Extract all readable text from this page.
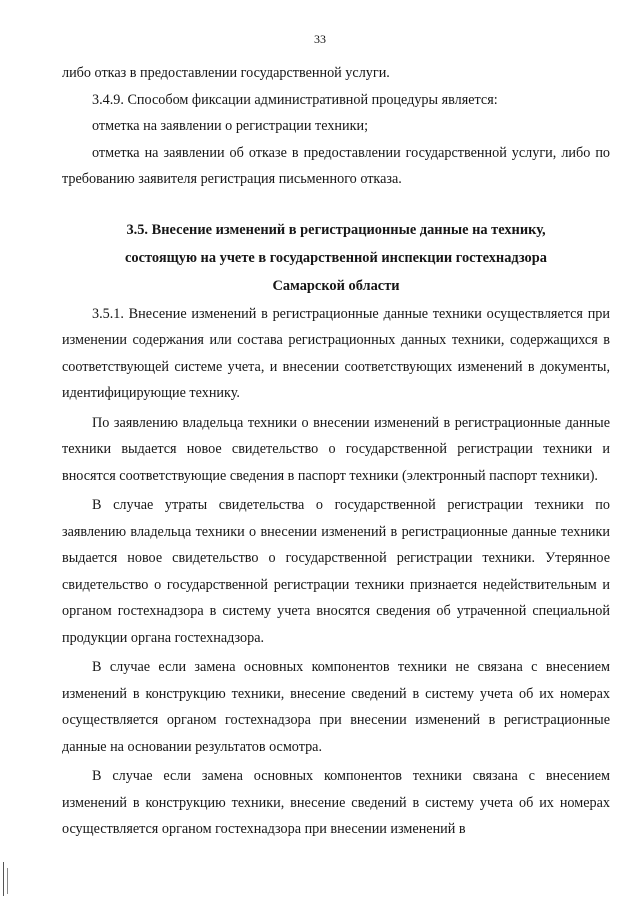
33

либо отказ в предоставлении государственной услуги.

3.4.9. Способом фиксации административной процедуры является:

отметка на заявлении о регистрации техники;

отметка на заявлении об отказе в предоставлении государственной услуги, либо по требованию заявителя регистрация письменного отказа.

3.5. Внесение изменений в регистрационные данные на технику,
состоящую на учете в государственной инспекции гостехнадзора
Самарской области

3.5.1. Внесение изменений в регистрационные данные техники осуществляется при изменении содержания или состава регистрационных данных техники, содержащихся в соответствующей системе учета, и внесении соответствующих изменений в документы, идентифицирующие технику.

По заявлению владельца техники о внесении изменений в регистрационные данные техники выдается новое свидетельство о государственной регистрации техники и вносятся соответствующие сведения в паспорт техники (электронный паспорт техники).

В случае утраты свидетельства о государственной регистрации техники по заявлению владельца техники о внесении изменений в регистрационные данные техники выдается новое свидетельство о государственной регистрации техники. Утерянное свидетельство о государственной регистрации техники признается недействительным и органом гостехнадзора в систему учета вносятся сведения об утраченной специальной продукции органа гостехнадзора.

В случае если замена основных компонентов техники не связана с внесением изменений в конструкцию техники, внесение сведений в систему учета об их номерах осуществляется органом гостехнадзора при внесении изменений в регистрационные данные на основании результатов осмотра.

В случае если замена основных компонентов техники связана с внесением изменений в конструкцию техники, внесение сведений в систему учета об их номерах осуществляется органом гостехнадзора при внесении изменений в
